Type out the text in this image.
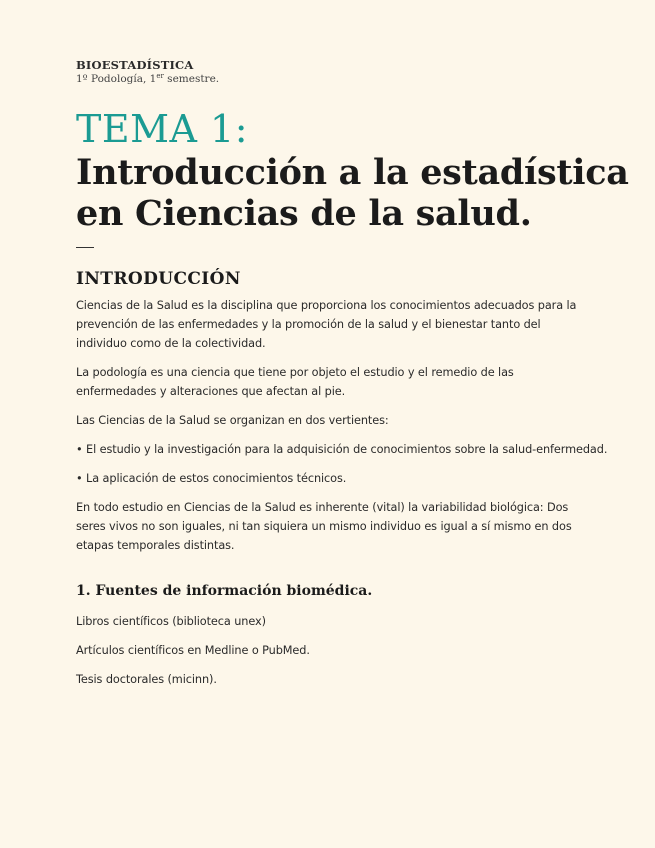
BIOESTADÍSTICA
1º Podología, 1er semestre.
TEMA 1:
Introducción a la estadística
en Ciencias de la salud.
INTRODUCCIÓN
Ciencias de la Salud es la disciplina que proporciona los conocimientos adecuados para la prevención de las enfermedades y la promoción de la salud y el bienestar tanto del individuo como de la colectividad.
La podología es una ciencia que tiene por objeto el estudio y el remedio de las enfermedades y alteraciones que afectan al pie.
Las Ciencias de la Salud se organizan en dos vertientes:
• El estudio y la investigación para la adquisición de conocimientos sobre la salud-enfermedad.
• La aplicación de estos conocimientos técnicos.
En todo estudio en Ciencias de la Salud es inherente (vital) la variabilidad biológica: Dos seres vivos no son iguales, ni tan siquiera un mismo individuo es igual a sí mismo en dos etapas temporales distintas.
1. Fuentes de información biomédica.
Libros científicos (biblioteca unex)
Artículos científicos en Medline o PubMed.
Tesis doctorales (micinn).
